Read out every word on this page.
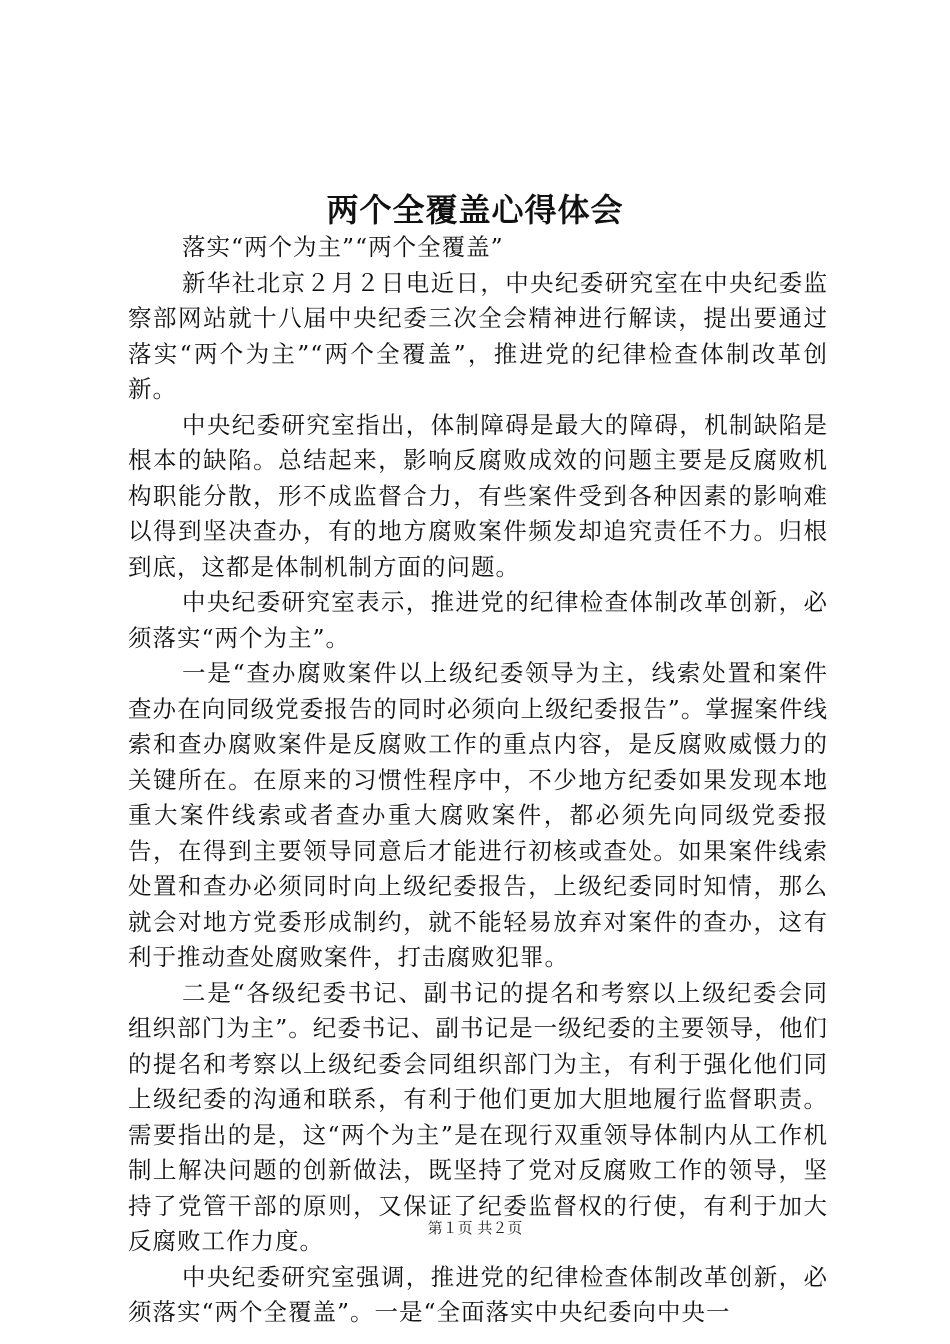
两个全覆盖心得体会

落实“两个为主”“两个全覆盖”

新华社北京２月２日电近日，中央纪委研究室在中央纪委监察部网站就十八届中央纪委三次全会精神进行解读，提出要通过落实“两个为主”“两个全覆盖”，推进党的纪律检查体制改革创新。

中央纪委研究室指出，体制障碍是最大的障碍，机制缺陷是根本的缺陷。总结起来，影响反腐败成效的问题主要是反腐败机构职能分散，形不成监督合力，有些案件受到各种因素的影响难以得到坚决查办，有的地方腐败案件频发却追究责任不力。归根到底，这都是体制机制方面的问题。

中央纪委研究室表示，推进党的纪律检查体制改革创新，必须落实“两个为主”。

一是“查办腐败案件以上级纪委领导为主，线索处置和案件查办在向同级党委报告的同时必须向上级纪委报告”。掌握案件线索和查办腐败案件是反腐败工作的重点内容，是反腐败威慑力的关键所在。在原来的习惯性程序中，不少地方纪委如果发现本地重大案件线索或者查办重大腐败案件，都必须先向同级党委报告，在得到主要领导同意后才能进行初核或查处。如果案件线索处置和查办必须同时向上级纪委报告，上级纪委同时知情，那么就会对地方党委形成制约，就不能轻易放弃对案件的查办，这有利于推动查处腐败案件，打击腐败犯罪。

二是“各级纪委书记、副书记的提名和考察以上级纪委会同组织部门为主”。纪委书记、副书记是一级纪委的主要领导，他们的提名和考察以上级纪委会同组织部门为主，有利于强化他们同上级纪委的沟通和联系，有利于他们更加大胆地履行监督职责。需要指出的是，这“两个为主”是在现行双重领导体制内从工作机制上解决问题的创新做法，既坚持了党对反腐败工作的领导，坚持了党管干部的原则，又保证了纪委监督权的行使，有利于加大反腐败工作力度。

中央纪委研究室强调，推进党的纪律检查体制改革创新，必须落实“两个全覆盖”。一是“全面落实中央纪委向中央一

第１页 共２页
